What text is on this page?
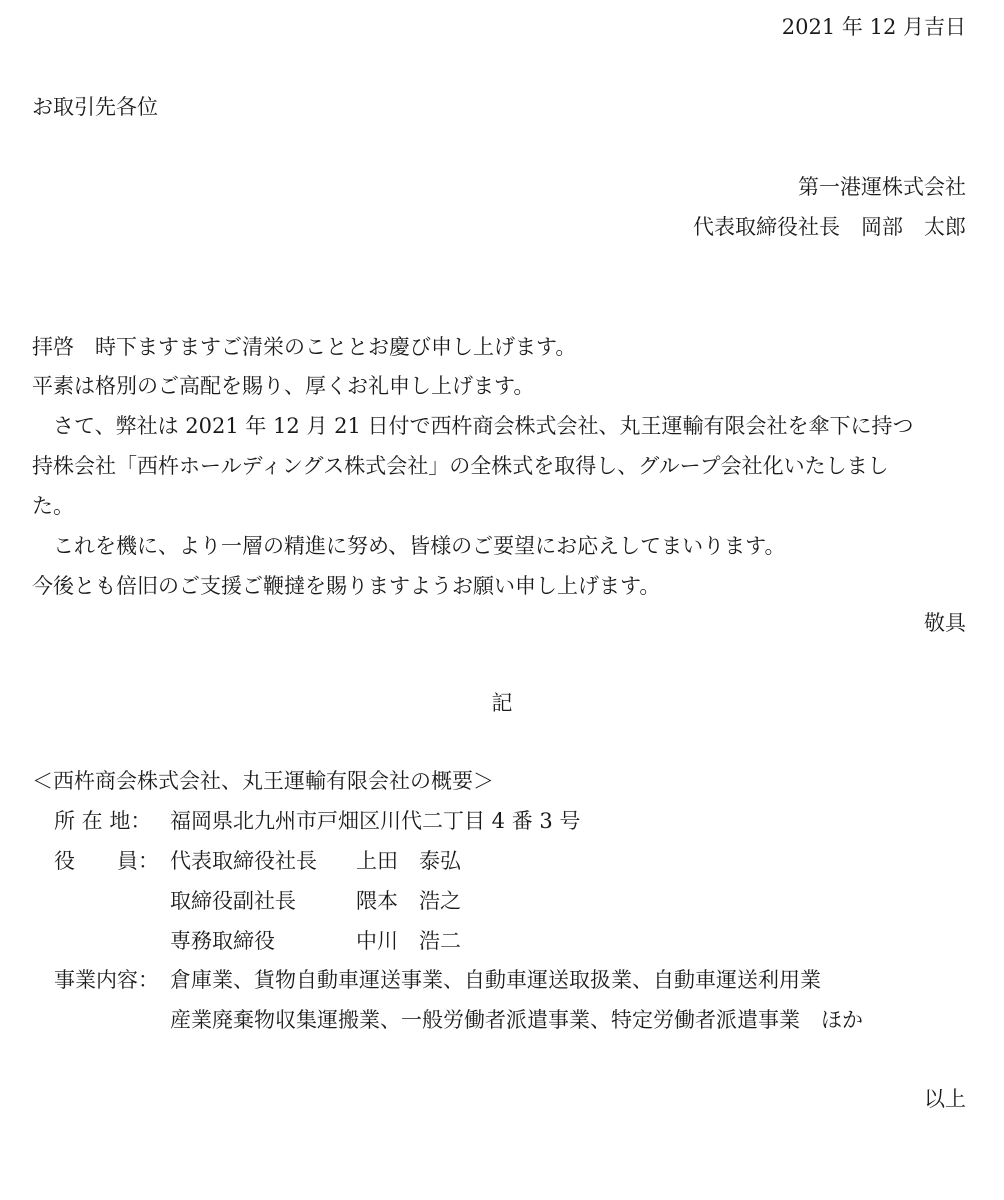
2021 年 12 月吉日
お取引先各位
第一港運株式会社
代表取締役社長　岡部　太郎
拝啓　時下ますますご清栄のこととお慶び申し上げます。
平素は格別のご高配を賜り、厚くお礼申し上げます。
　さて、弊社は 2021 年 12 月 21 日付で西杵商会株式会社、丸王運輸有限会社を傘下に持つ
持株会社「西杵ホールディングス株式会社」の全株式を取得し、グループ会社化いたしまし
た。
　これを機に、より一層の精進に努め、皆様のご要望にお応えしてまいります。
今後とも倍旧のご支援ご鞭撻を賜りますようお願い申し上げます。
敬具
記
＜西杵商会株式会社、丸王運輸有限会社の概要＞
所 在 地： 福岡県北九州市戸畑区川代二丁目 4 番 3 号
役　　員： 代表取締役社長 上田　泰弘
取締役副社長	隈本　浩之
専務取締役	中川　浩二
事業内容： 倉庫業、貨物自動車運送事業、自動車運送取扱業、自動車運送利用業
産業廃棄物収集運搬業、一般労働者派遣事業、特定労働者派遣事業　ほか
以上
